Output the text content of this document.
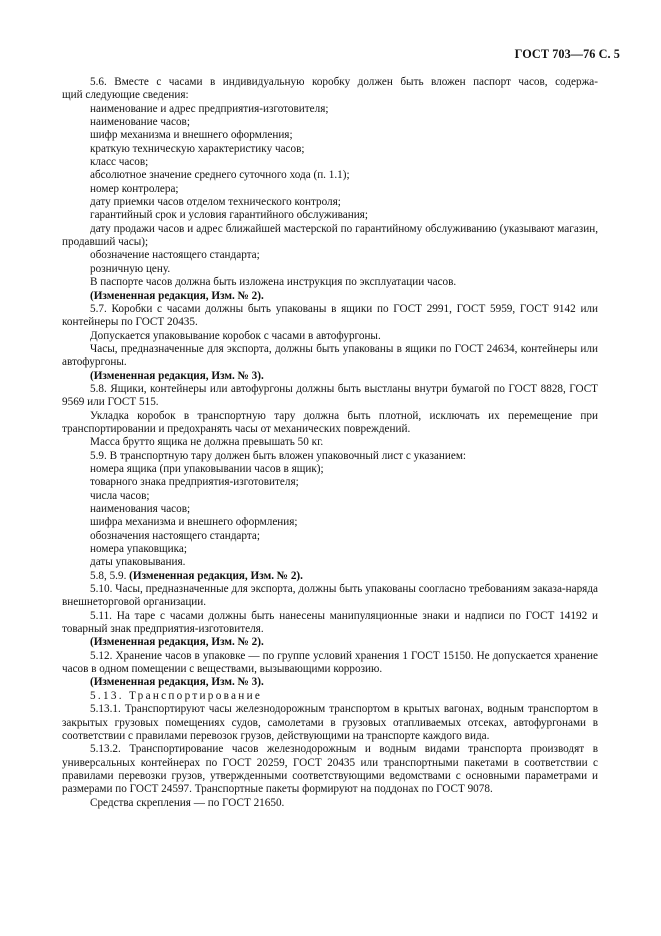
ГОСТ 703—76 С. 5

5.6. Вместе с часами в индивидуальную коробку должен быть вложен паспорт часов, содержа-

щий следующие сведения:

наименование и адрес предприятия-изготовителя;

наименование часов;

шифр механизма и внешнего оформления;

краткую техническую характеристику часов;

класс часов;

абсолютное значение среднего суточного хода (п. 1.1);

номер контролера;

дату приемки часов отделом технического контроля;

гарантийный срок и условия гарантийного обслуживания;

дату продажи часов и адрес ближайшей мастерской по гарантийному обслуживанию (указывают магазин, продавший часы);

обозначение настоящего стандарта;

розничную цену.

В паспорте часов должна быть изложена инструкция по эксплуатации часов.

(Измененная редакция, Изм. № 2).

5.7. Коробки с часами должны быть упакованы в ящики по ГОСТ 2991, ГОСТ 5959, ГОСТ 9142 или контейнеры по ГОСТ 20435.

Допускается упаковывание коробок с часами в автофургоны.

Часы, предназначенные для экспорта, должны быть упакованы в ящики по ГОСТ 24634, контейнеры или автофургоны.

(Измененная редакция, Изм. № 3).

5.8. Ящики, контейнеры или автофургоны должны быть выстланы внутри бумагой по ГОСТ 8828, ГОСТ 9569 или ГОСТ 515.

Укладка коробок в транспортную тару должна быть плотной, исключать их перемещение при транспортировании и предохранять часы от механических повреждений.

Масса брутто ящика не должна превышать 50 кг.

5.9. В транспортную тару должен быть вложен упаковочный лист с указанием:

номера ящика (при упаковывании часов в ящик);

товарного знака предприятия-изготовителя;

числа часов;

наименования часов;

шифра механизма и внешнего оформления;

обозначения настоящего стандарта;

номера упаковщика;

даты упаковывания.

5.8, 5.9. (Измененная редакция, Изм. № 2).

5.10. Часы, предназначенные для экспорта, должны быть упакованы соогласно требованиям заказа-наряда внешнеторговой организации.

5.11. На таре с часами должны быть нанесены манипуляционные знаки и надписи по ГОСТ 14192 и товарный знак предприятия-изготовителя.

(Измененная редакция, Изм. № 2).

5.12. Хранение часов в упаковке — по группе условий хранения 1 ГОСТ 15150. Не допускается хранение часов в одном помещении с веществами, вызывающими коррозию.

(Измененная редакция, Изм. № 3).

5.13. Транспортирование

5.13.1. Транспортируют часы железнодорожным транспортом в крытых вагонах, водным транспортом в закрытых грузовых помещениях судов, самолетами в грузовых отапливаемых отсеках, автофургонами в соответствии с правилами перевозок грузов, действующими на транспорте каждого вида.

5.13.2. Транспортирование часов железнодорожным и водным видами транспорта производят в универсальных контейнерах по ГОСТ 20259, ГОСТ 20435 или транспортными пакетами в соответствии с правилами перевозки грузов, утвержденными соответствующими ведомствами с основными параметрами и размерами по ГОСТ 24597. Транспортные пакеты формируют на поддонах по ГОСТ 9078.

Средства скрепления — по ГОСТ 21650.
